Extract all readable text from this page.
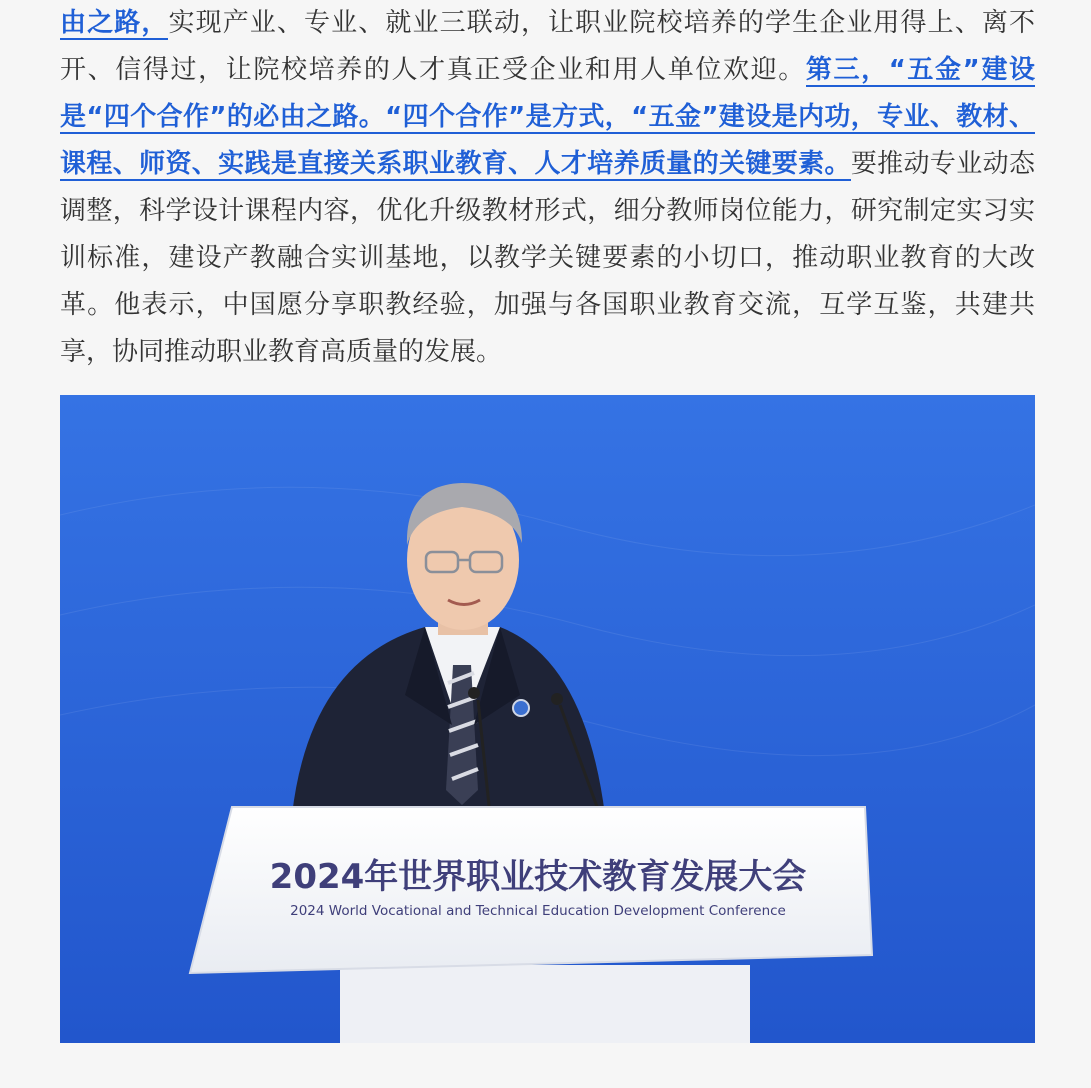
由之路，实现产业、专业、就业三联动，让职业院校培养的学生企业用得上、离不开、信得过，让院校培养的人才真正受企业和用人单位欢迎。第三，“五金”建设是“四个合作”的必由之路。“四个合作”是方式，“五金”建设是内功，专业、教材、课程、师资、实践是直接关系职业教育、人才培养质量的关键要素。要推动专业动态调整，科学设计课程内容，优化升级教材形式，细分教师岗位能力，研究制定实习实训标准，建设产教融合实训基地，以教学关键要素的小切口，推动职业教育的大改革。他表示，中国愿分享职教经验，加强与各国职业教育交流，互学互鉴，共建共享，协同推动职业教育高质量的发展。

2024年世界职业技术教育发展大会
2024 World Vocational and Technical Education Development Conference
